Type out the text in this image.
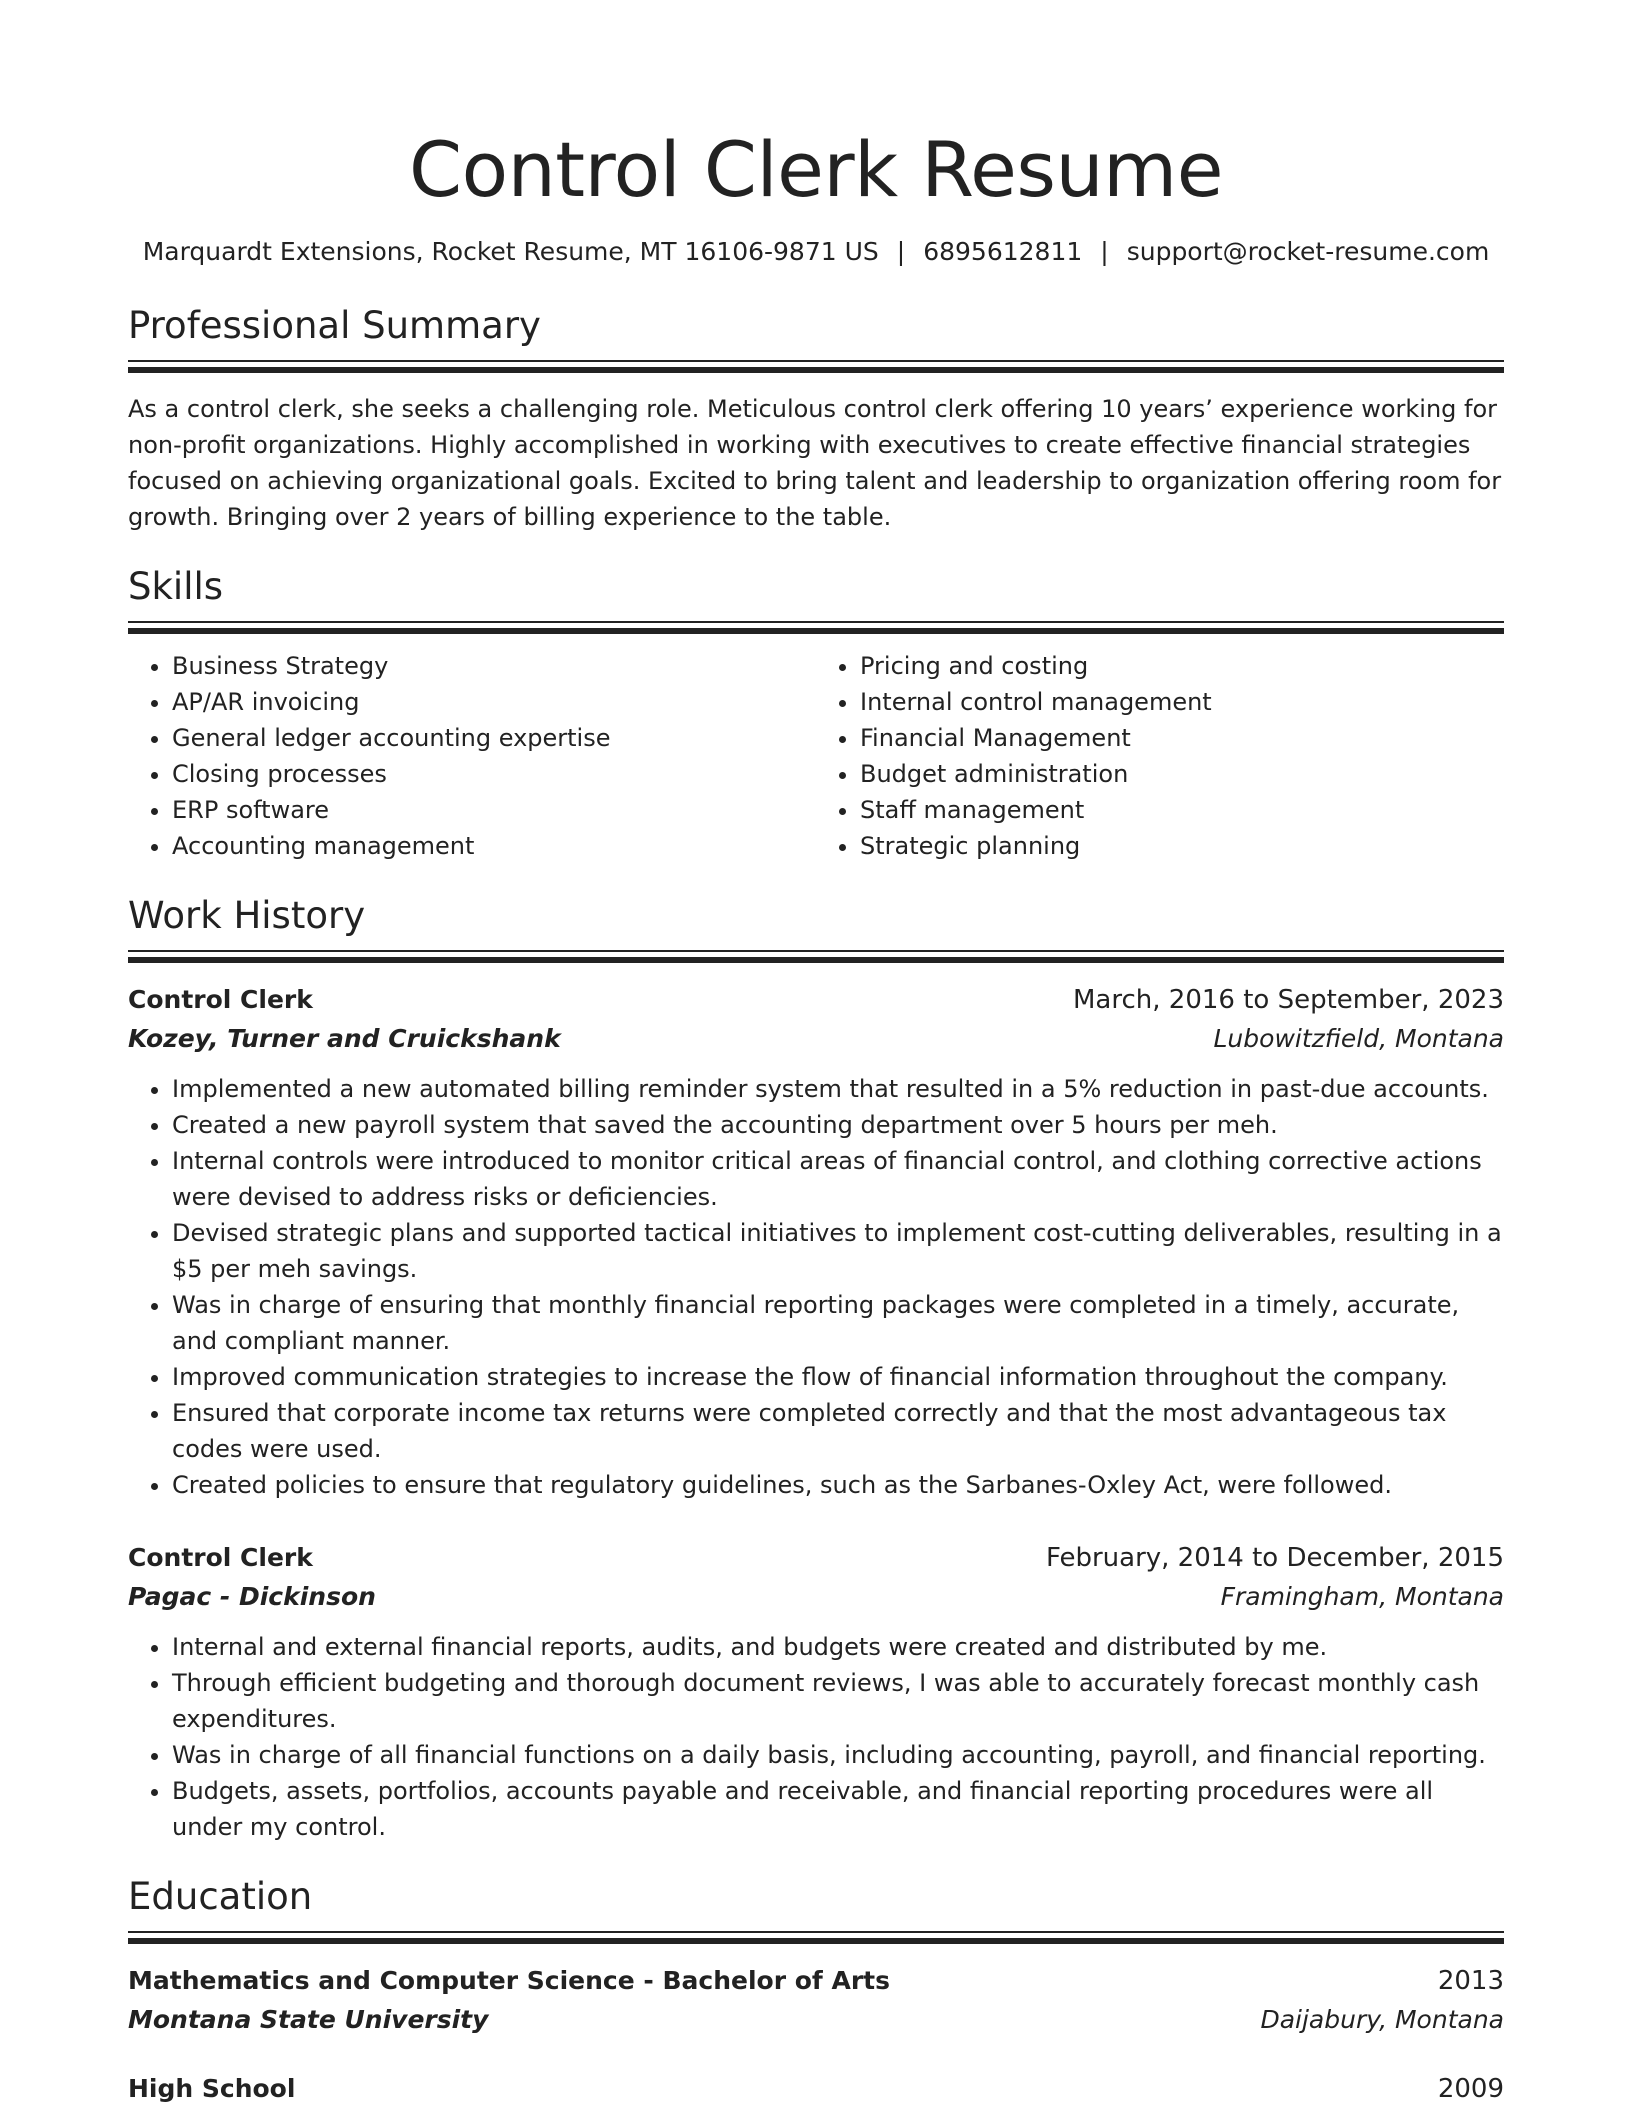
Control Clerk Resume
Marquardt Extensions, Rocket Resume, MT 16106-9871 US | 6895612811 | support@rocket-resume.com
Professional Summary

As a control clerk, she seeks a challenging role. Meticulous control clerk offering 10 years’ experience working for non-profit organizations. Highly accomplished in working with executives to create effective financial strategies focused on achieving organizational goals. Excited to bring talent and leadership to organization offering room for growth. Bringing over 2 years of billing experience to the table.

Skills
• Business Strategy
• AP/AR invoicing
• General ledger accounting expertise
• Closing processes
• ERP software
• Accounting management
• Pricing and costing
• Internal control management
• Financial Management
• Budget administration
• Staff management
• Strategic planning
Work History
Control Clerk	March, 2016 to September, 2023
Kozey, Turner and Cruickshank	Lubowitzfield, Montana
• Implemented a new automated billing reminder system that resulted in a 5% reduction in past-due accounts.
• Created a new payroll system that saved the accounting department over 5 hours per meh.
• Internal controls were introduced to monitor critical areas of financial control, and clothing corrective actions were devised to address risks or deficiencies.
• Devised strategic plans and supported tactical initiatives to implement cost-cutting deliverables, resulting in a $5 per meh savings.
• Was in charge of ensuring that monthly financial reporting packages were completed in a timely, accurate, and compliant manner.
• Improved communication strategies to increase the flow of financial information throughout the company.
• Ensured that corporate income tax returns were completed correctly and that the most advantageous tax codes were used.
• Created policies to ensure that regulatory guidelines, such as the Sarbanes-Oxley Act, were followed.
Control Clerk	February, 2014 to December, 2015
Pagac - Dickinson	Framingham, Montana
• Internal and external financial reports, audits, and budgets were created and distributed by me.
• Through efficient budgeting and thorough document reviews, I was able to accurately forecast monthly cash expenditures.
• Was in charge of all financial functions on a daily basis, including accounting, payroll, and financial reporting.
• Budgets, assets, portfolios, accounts payable and receivable, and financial reporting procedures were all under my control.
Education
Mathematics and Computer Science - Bachelor of Arts	2013
Montana State University	Daijabury, Montana
High School	2009
